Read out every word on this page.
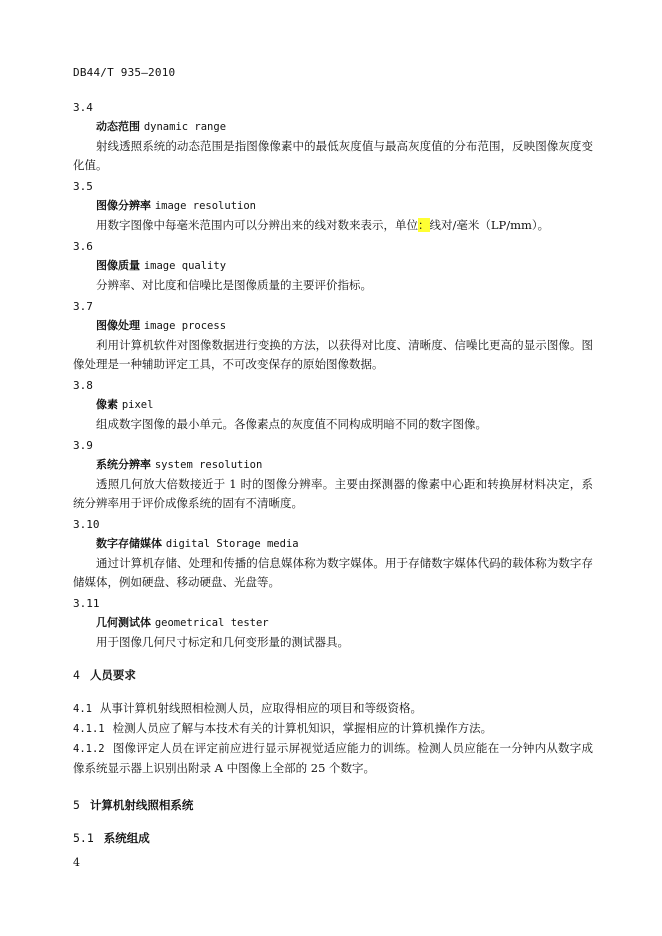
DB44/T 935—2010
3.4
动态范围 dynamic range
射线透照系统的动态范围是指图像像素中的最低灰度值与最高灰度值的分布范围，反映图像灰度变化值。
3.5
图像分辨率 image resolution
用数字图像中每毫米范围内可以分辨出来的线对数来表示，单位：线对/毫米（LP/mm）。
3.6
图像质量 image quality
分辨率、对比度和信噪比是图像质量的主要评价指标。
3.7
图像处理 image process
利用计算机软件对图像数据进行变换的方法，以获得对比度、清晰度、信噪比更高的显示图像。图像处理是一种辅助评定工具，不可改变保存的原始图像数据。
3.8
像素 pixel
组成数字图像的最小单元。各像素点的灰度值不同构成明暗不同的数字图像。
3.9
系统分辨率 system resolution
透照几何放大倍数接近于 1 时的图像分辨率。主要由探测器的像素中心距和转换屏材料决定，系统分辨率用于评价成像系统的固有不清晰度。
3.10
数字存储媒体 digital Storage media
通过计算机存储、处理和传播的信息媒体称为数字媒体。用于存储数字媒体代码的载体称为数字存储媒体，例如硬盘、移动硬盘、光盘等。
3.11
几何测试体 geometrical tester
用于图像几何尺寸标定和几何变形量的测试器具。
4 人员要求
4.1 从事计算机射线照相检测人员，应取得相应的项目和等级资格。
4.1.1 检测人员应了解与本技术有关的计算机知识，掌握相应的计算机操作方法。
4.1.2 图像评定人员在评定前应进行显示屏视觉适应能力的训练。检测人员应能在一分钟内从数字成像系统显示器上识别出附录 A 中图像上全部的 25 个数字。
5 计算机射线照相系统
5.1 系统组成
4
